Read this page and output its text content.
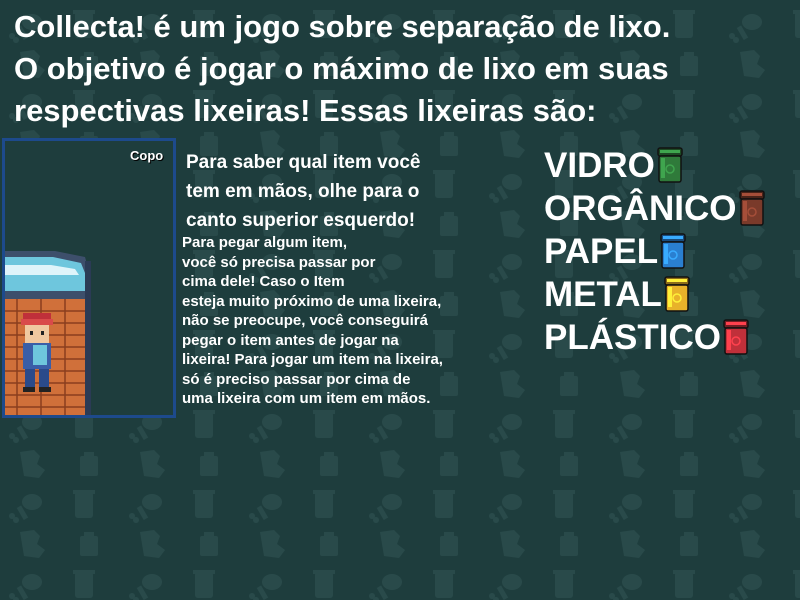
Collecta! é um jogo sobre separação de lixo.
O objetivo é jogar o máximo de lixo em suas
respectivas lixeiras! Essas lixeiras são:
Copo Para saber qual item você
tem em mãos, olhe para o
canto superior esquerdo!
Para pegar algum item,
você só precisa passar por
cima dele! Caso o Item
esteja muito próximo de uma lixeira,
não se preocupe, você conseguirá
pegar o item antes de jogar na
lixeira! Para jogar um item na lixeira,
só é preciso passar por cima de
uma lixeira com um item em mãos.
VIDRO
ORGÂNICO
PAPEL
METAL
PLÁSTICO
